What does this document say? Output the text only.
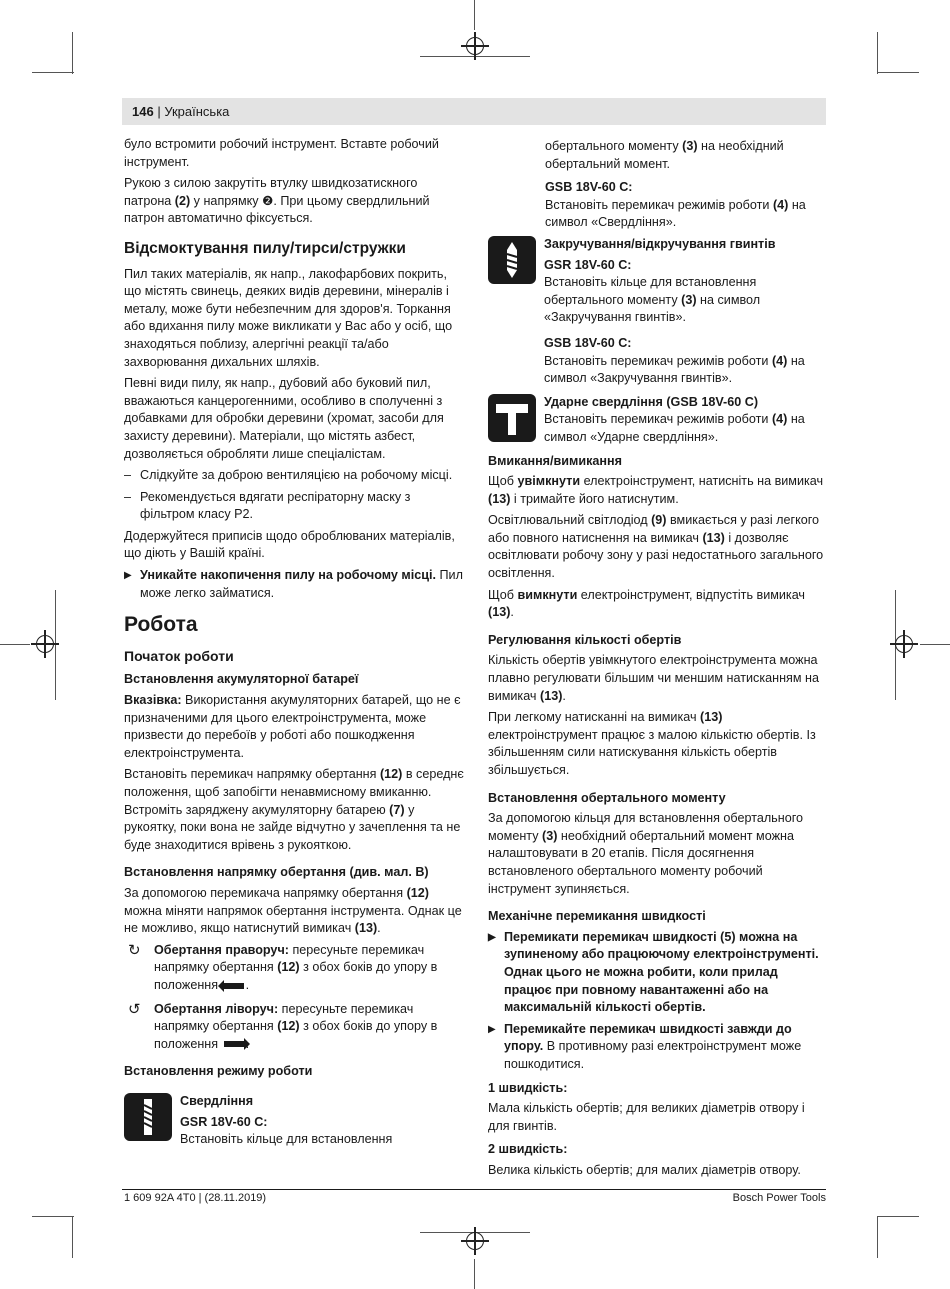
146 | Українська

було встромити робочий інструмент. Вставте робочий інструмент.

Рукою з силою закрутіть втулку швидкозатискного патрона (2) у напрямку ❷. При цьому свердлильний патрон автоматично фіксується.

Відсмоктування пилу/тирси/стружки

Пил таких матеріалів, як напр., лакофарбових покрить, що містять свинець, деяких видів деревини, мінералів і металу, може бути небезпечним для здоров'я. Торкання або вдихання пилу може викликати у Вас або у осіб, що знаходяться поблизу, алергічні реакції та/або захворювання дихальних шляхів.

Певні види пилу, як напр., дубовий або буковий пил, вважаються канцерогенними, особливо в сполученні з добавками для обробки деревини (хромат, засоби для захисту деревини). Матеріали, що містять азбест, дозволяється обробляти лише спеціалістам.

– Слідкуйте за доброю вентиляцією на робочому місці.
– Рекомендується вдягати респіраторну маску з фільтром класу P2.

Додержуйтеся приписів щодо оброблюваних матеріалів, що діють у Вашій країні.

▶ Уникайте накопичення пилу на робочому місці. Пил може легко займатися.
Робота
Початок роботи
Встановлення акумуляторної батареї

Вказівка: Використання акумуляторних батарей, що не є призначеними для цього електроінструмента, може призвести до перебоїв у роботі або пошкодження електроінструмента.

Встановіть перемикач напрямку обертання (12) в середнє положення, щоб запобігти ненавмисному вмиканню. Встроміть заряджену акумуляторну батарею (7) у рукоятку, поки вона не зайде відчутно у зачеплення та не буде знаходитися врівень з рукояткою.

Встановлення напрямку обертання (див. мал. B)

За допомогою перемикача напрямку обертання (12) можна міняти напрямок обертання інструмента. Однак це не можливо, якщо натиснутий вимикач (13).

↻ Обертання праворуч: пересуньте перемикач напрямку обертання (12) з обох боків до упору в положення .
↺ Обертання ліворуч: пересуньте перемикач напрямку обертання (12) з обох боків до упору в положення
Встановлення режиму роботи
Свердління
GSR 18V-60 C:
Встановіть кільце для встановлення

обертального моменту (3) на необхідний обертальний момент.

GSB 18V-60 C:

Встановіть перемикач режимів роботи (4) на символ «Свердління».

Закручування/відкручування гвинтів
GSR 18V-60 C:

Встановіть кільце для встановлення обертального моменту (3) на символ «Закручування гвинтів».

GSB 18V-60 C:

Встановіть перемикач режимів роботи (4) на символ «Закручування гвинтів».

Ударне свердління (GSB 18V-60 C)

Встановіть перемикач режимів роботи (4) на символ «Ударне свердління».

Вмикання/вимикання

Щоб увімкнути електроінструмент, натисніть на вимикач (13) і тримайте його натиснутим.

Освітлювальний світлодіод (9) вмикається у разі легкого або повного натиснення на вимикач (13) і дозволяє освітлювати робочу зону у разі недостатнього загального освітлення.

Щоб вимкнути електроінструмент, відпустіть вимикач (13).

Регулювання кількості обертів

Кількість обертів увімкнутого електроінструмента можна плавно регулювати більшим чи меншим натисканням на вимикач (13).

При легкому натисканні на вимикач (13) електроінструмент працює з малою кількістю обертів. Із збільшенням сили натискування кількість обертів збільшується.

Встановлення обертального моменту

За допомогою кільця для встановлення обертального моменту (3) необхідний обертальний момент можна налаштовувати в 20 етапів. Після досягнення встановленого обертального моменту робочий інструмент зупиняється.

Механічне перемикання швидкості
▶ Перемикати перемикач швидкості (5) можна на зупиненому або працюючому електроінструменті. Однак цього не можна робити, коли прилад працює при повному навантаженні або на максимальній кількості обертів.
▶ Перемикайте перемикач швидкості завжди до упору. В противному разі електроінструмент може пошкодитися.
1 швидкість:

Мала кількість обертів; для великих діаметрів отвору і для гвинтів.

2 швидкість:

Велика кількість обертів; для малих діаметрів отвору.

1 609 92A 4T0 | (28.11.2019)	Bosch Power Tools
